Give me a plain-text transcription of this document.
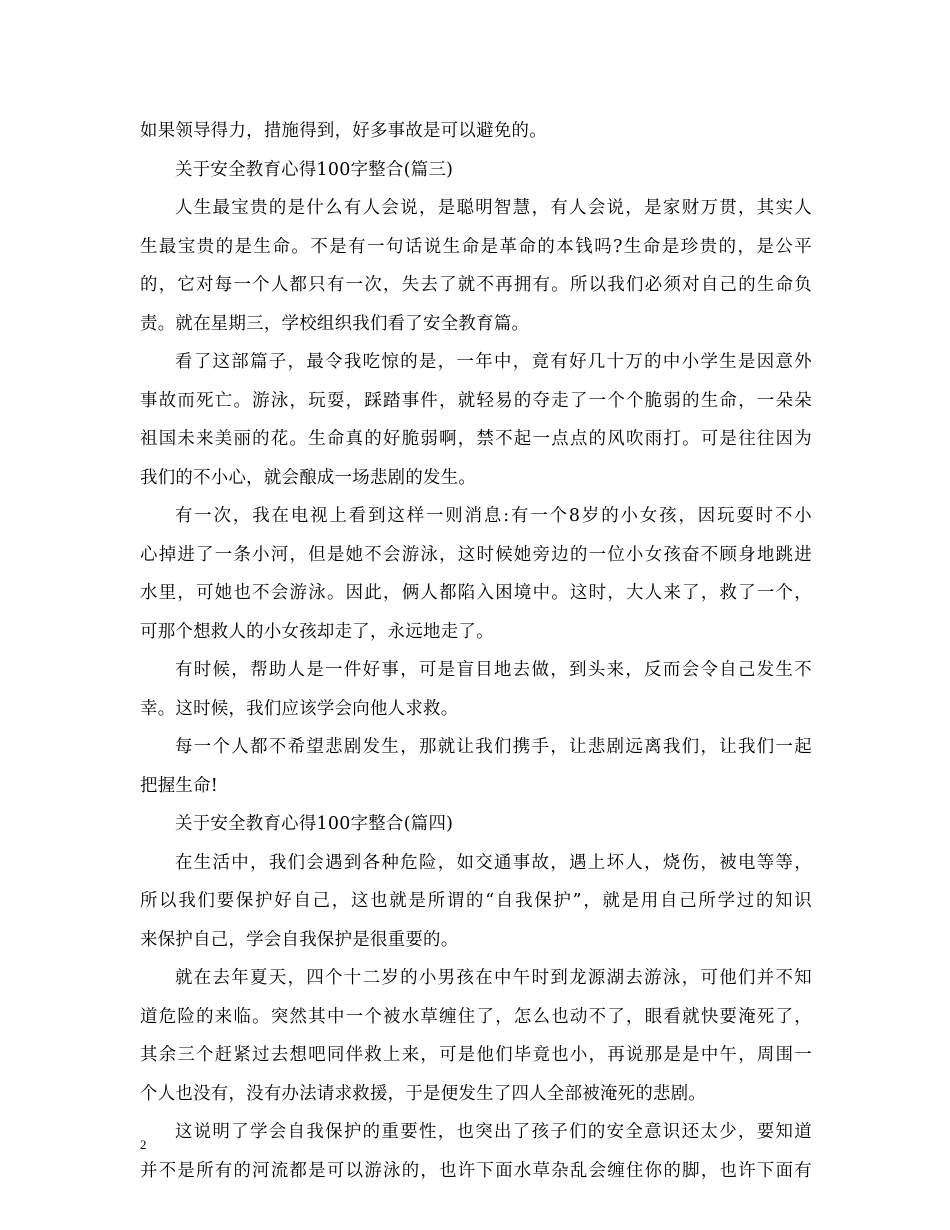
如果领导得力，措施得到，好多事故是可以避免的。
关于安全教育心得100字整合(篇三)
人生最宝贵的是什么有人会说，是聪明智慧，有人会说，是家财万贯，其实人
生最宝贵的是生命。不是有一句话说生命是革命的本钱吗?生命是珍贵的，是公平
的，它对每一个人都只有一次，失去了就不再拥有。所以我们必须对自己的生命负
责。就在星期三，学校组织我们看了安全教育篇。
看了这部篇子，最令我吃惊的是，一年中，竟有好几十万的中小学生是因意外
事故而死亡。游泳，玩耍，踩踏事件，就轻易的夺走了一个个脆弱的生命，一朵朵
祖国未来美丽的花。生命真的好脆弱啊，禁不起一点点的风吹雨打。可是往往因为
我们的不小心，就会酿成一场悲剧的发生。
有一次，我在电视上看到这样一则消息:有一个8岁的小女孩，因玩耍时不小
心掉进了一条小河，但是她不会游泳，这时候她旁边的一位小女孩奋不顾身地跳进
水里，可她也不会游泳。因此，俩人都陷入困境中。这时，大人来了，救了一个，
可那个想救人的小女孩却走了，永远地走了。
有时候，帮助人是一件好事，可是盲目地去做，到头来，反而会令自己发生不
幸。这时候，我们应该学会向他人求救。
每一个人都不希望悲剧发生，那就让我们携手，让悲剧远离我们，让我们一起
把握生命!
关于安全教育心得100字整合(篇四)
在生活中，我们会遇到各种危险，如交通事故，遇上坏人，烧伤，被电等等，
所以我们要保护好自己，这也就是所谓的“自我保护”，就是用自己所学过的知识
来保护自己，学会自我保护是很重要的。
就在去年夏天，四个十二岁的小男孩在中午时到龙源湖去游泳，可他们并不知
道危险的来临。突然其中一个被水草缠住了，怎么也动不了，眼看就快要淹死了，
其余三个赶紧过去想吧同伴救上来，可是他们毕竟也小，再说那是是中午，周围一
个人也没有，没有办法请求救援，于是便发生了四人全部被淹死的悲剧。
这说明了学会自我保护的重要性，也突出了孩子们的安全意识还太少，要知道
并不是所有的河流都是可以游泳的，也许下面水草杂乱会缠住你的脚，也许下面有
2
